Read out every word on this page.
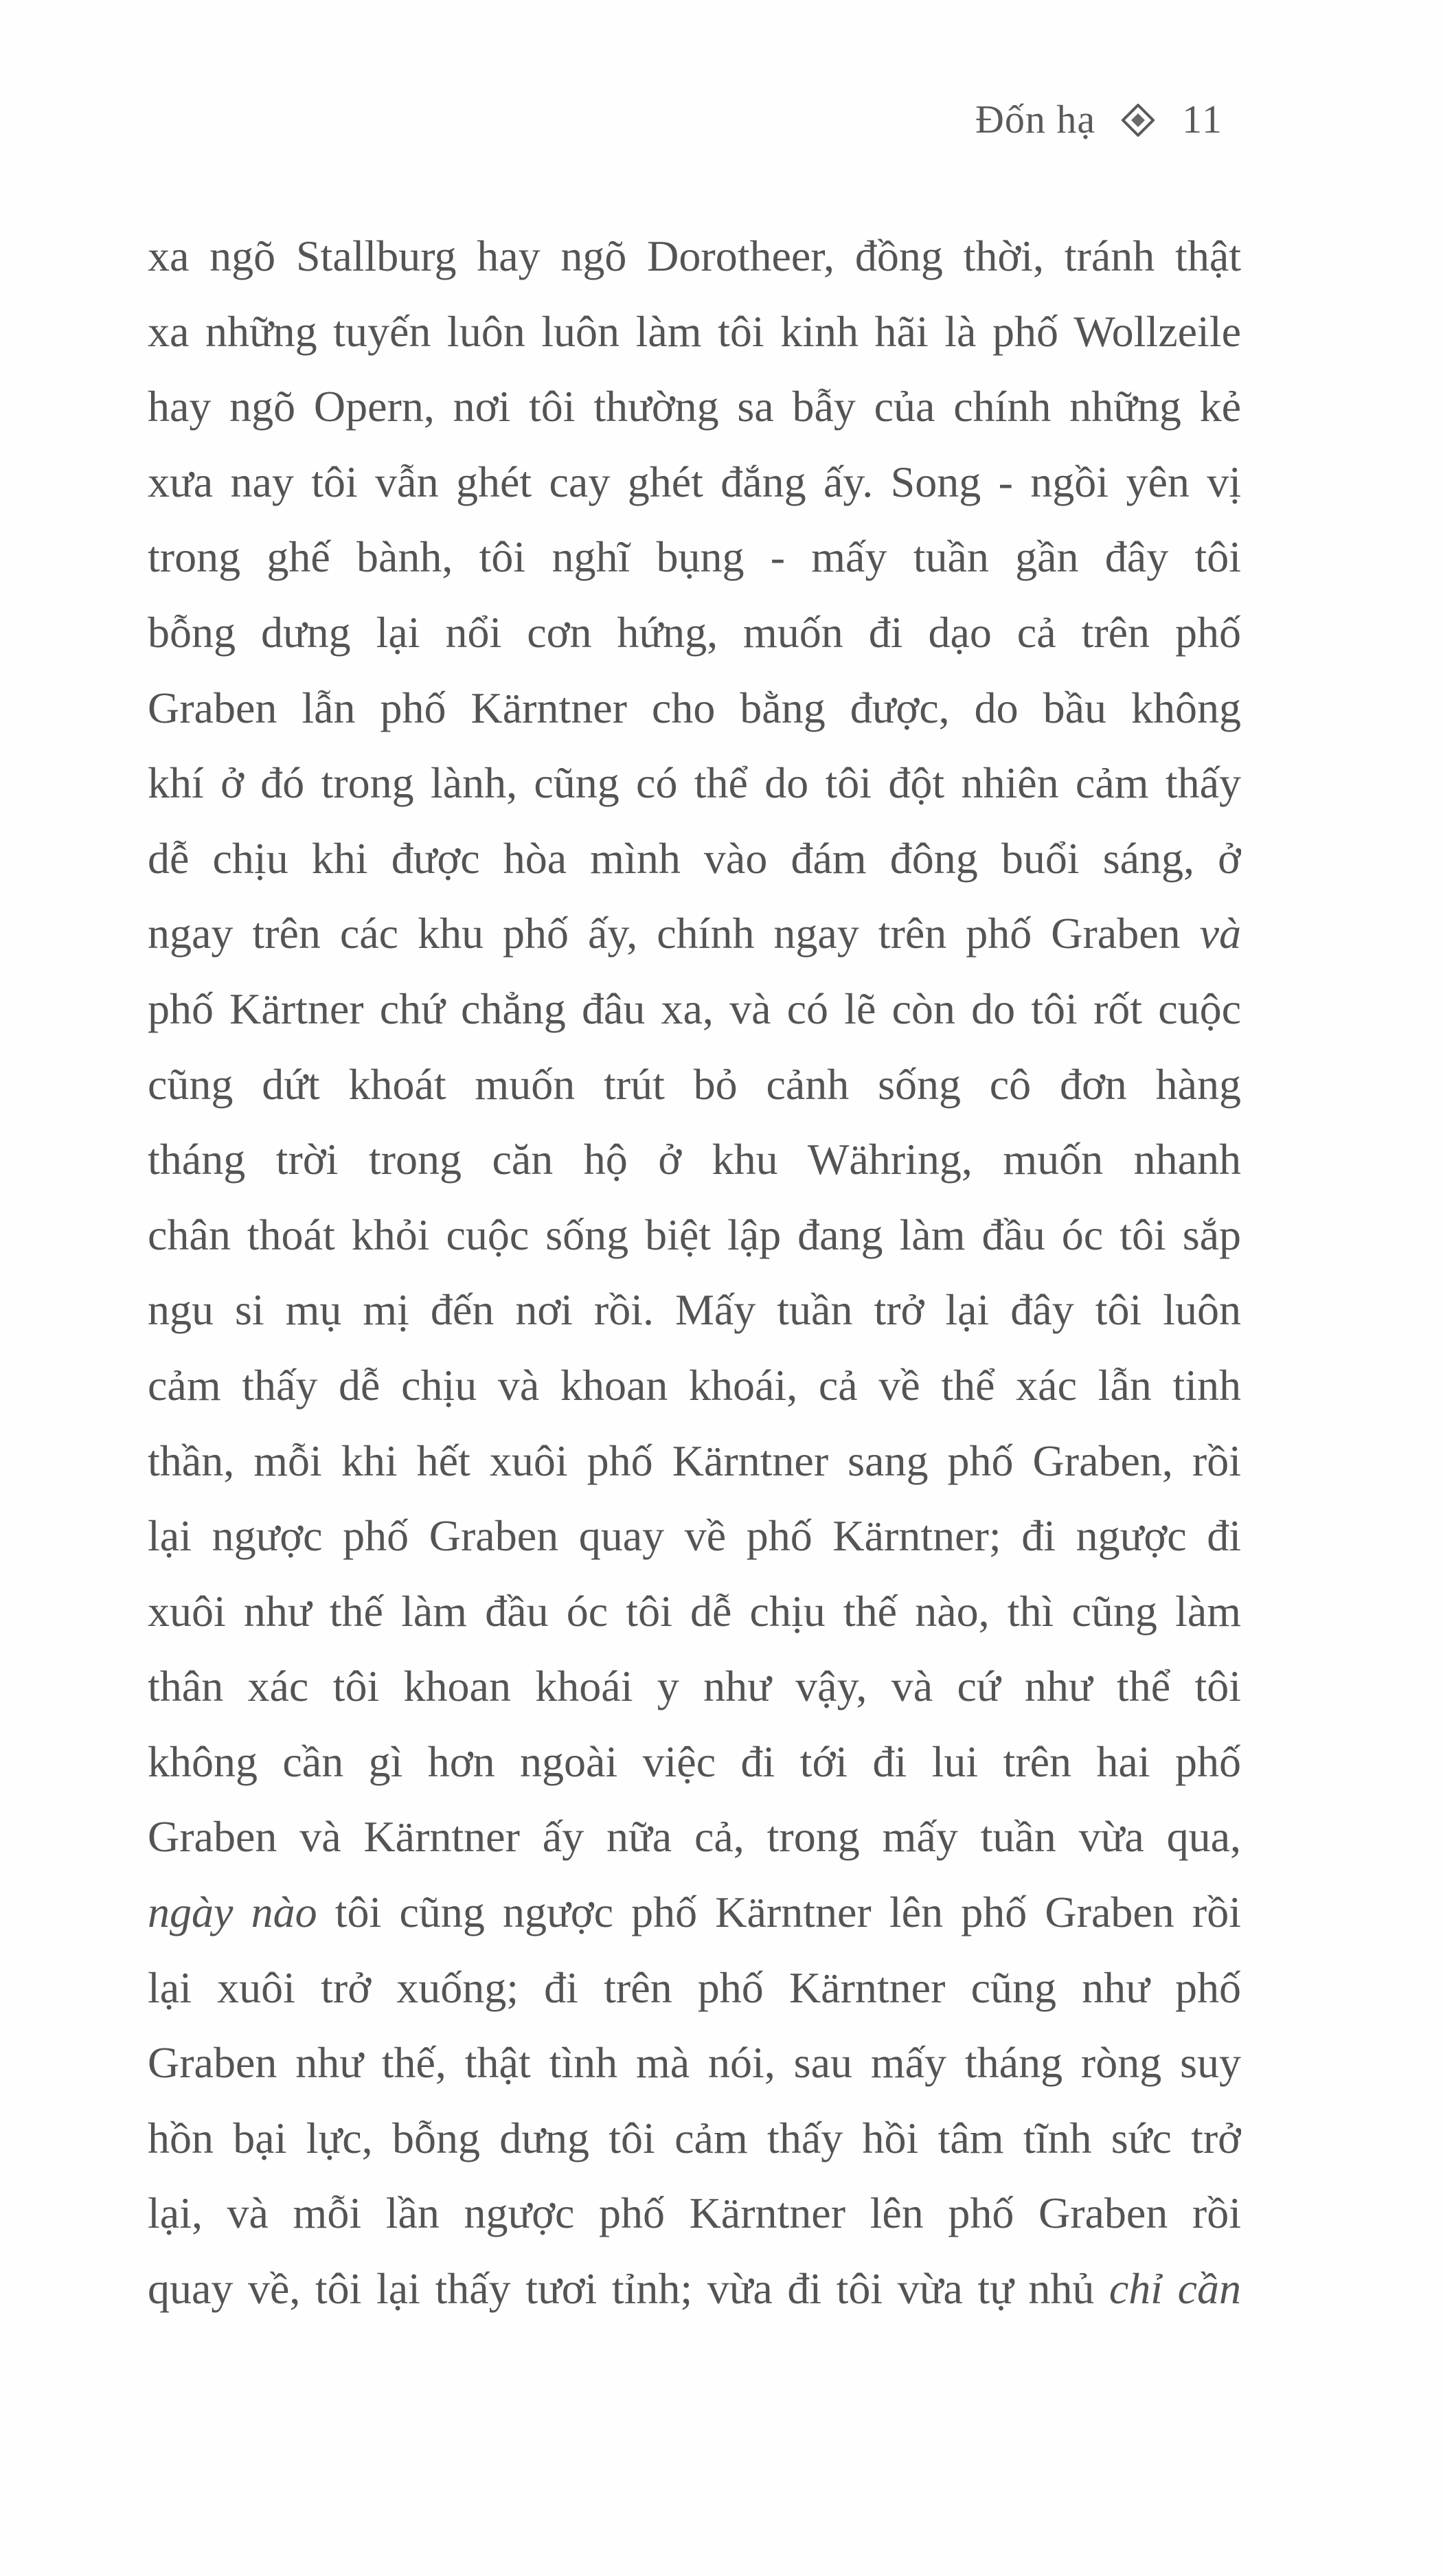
Đốn hạ 11
xa ngõ Stallburg hay ngõ Dorotheer, đồng thời, tránh thật
xa những tuyến luôn luôn làm tôi kinh hãi là phố Wollzeile
hay ngõ Opern, nơi tôi thường sa bẫy của chính những kẻ
xưa nay tôi vẫn ghét cay ghét đắng ấy. Song - ngồi yên vị
trong ghế bành, tôi nghĩ bụng - mấy tuần gần đây tôi
bỗng dưng lại nổi cơn hứng, muốn đi dạo cả trên phố
Graben lẫn phố Kärntner cho bằng được, do bầu không
khí ở đó trong lành, cũng có thể do tôi đột nhiên cảm thấy
dễ chịu khi được hòa mình vào đám đông buổi sáng, ở
ngay trên các khu phố ấy, chính ngay trên phố Graben và
phố Kärtner chứ chẳng đâu xa, và có lẽ còn do tôi rốt cuộc
cũng dứt khoát muốn trút bỏ cảnh sống cô đơn hàng
tháng trời trong căn hộ ở khu Währing, muốn nhanh
chân thoát khỏi cuộc sống biệt lập đang làm đầu óc tôi sắp
ngu si mụ mị đến nơi rồi. Mấy tuần trở lại đây tôi luôn
cảm thấy dễ chịu và khoan khoái, cả về thể xác lẫn tinh
thần, mỗi khi hết xuôi phố Kärntner sang phố Graben, rồi
lại ngược phố Graben quay về phố Kärntner; đi ngược đi
xuôi như thế làm đầu óc tôi dễ chịu thế nào, thì cũng làm
thân xác tôi khoan khoái y như vậy, và cứ như thể tôi
không cần gì hơn ngoài việc đi tới đi lui trên hai phố
Graben và Kärntner ấy nữa cả, trong mấy tuần vừa qua,
ngày nào tôi cũng ngược phố Kärntner lên phố Graben rồi
lại xuôi trở xuống; đi trên phố Kärntner cũng như phố
Graben như thế, thật tình mà nói, sau mấy tháng ròng suy
hồn bại lực, bỗng dưng tôi cảm thấy hồi tâm tĩnh sức trở
lại, và mỗi lần ngược phố Kärntner lên phố Graben rồi
quay về, tôi lại thấy tươi tỉnh; vừa đi tôi vừa tự nhủ chỉ cần
